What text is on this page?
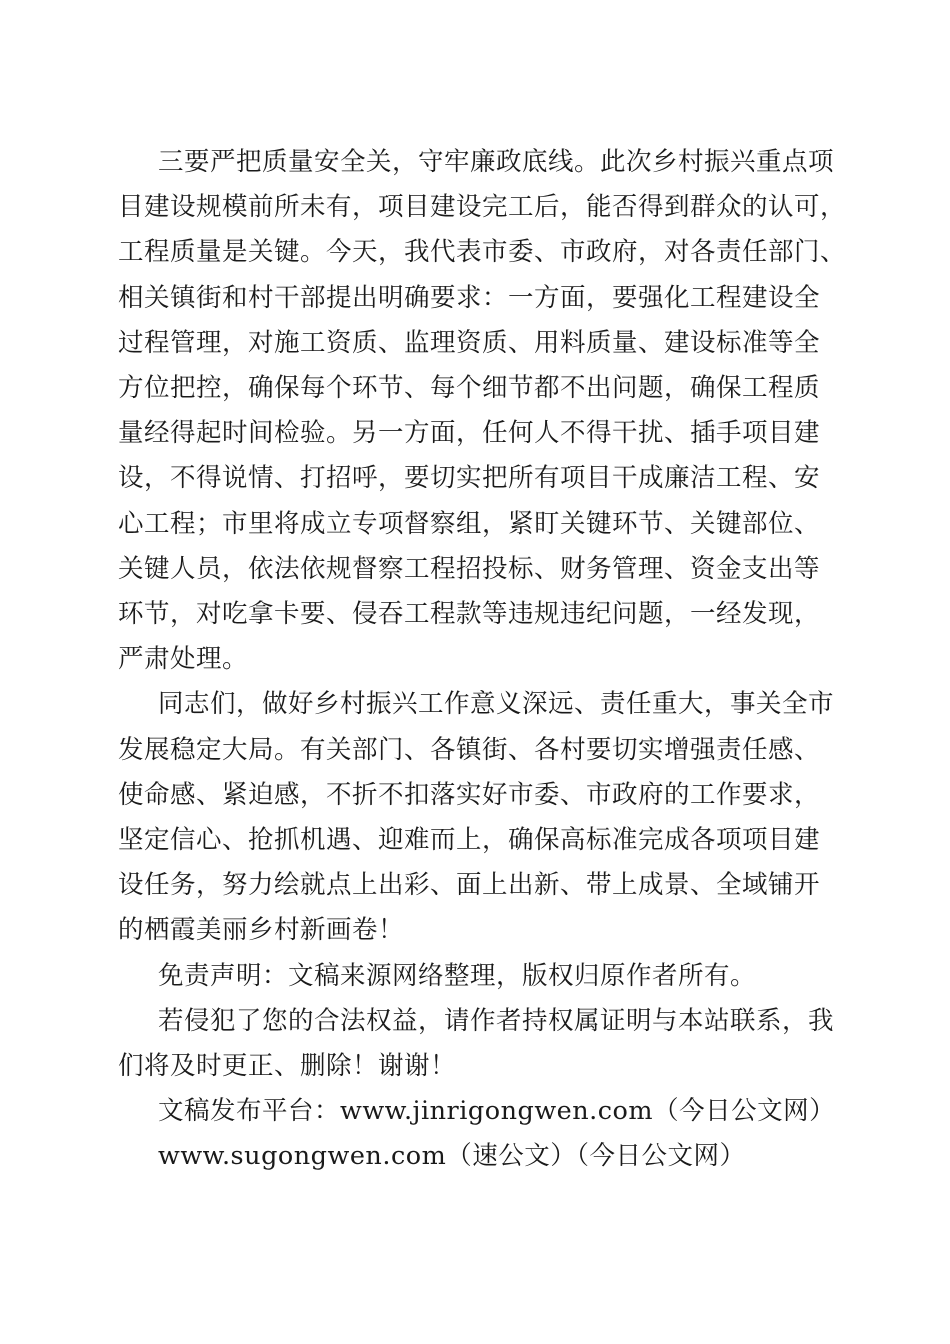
三要严把质量安全关，守牢廉政底线。此次乡村振兴重点项
目建设规模前所未有，项目建设完工后，能否得到群众的认可，
工程质量是关键。今天，我代表市委、市政府，对各责任部门、
相关镇街和村干部提出明确要求：一方面，要强化工程建设全
过程管理，对施工资质、监理资质、用料质量、建设标准等全
方位把控，确保每个环节、每个细节都不出问题，确保工程质
量经得起时间检验。另一方面，任何人不得干扰、插手项目建
设，不得说情、打招呼，要切实把所有项目干成廉洁工程、安
心工程；市里将成立专项督察组，紧盯关键环节、关键部位、
关键人员，依法依规督察工程招投标、财务管理、资金支出等
环节，对吃拿卡要、侵吞工程款等违规违纪问题，一经发现，
严肃处理。
同志们，做好乡村振兴工作意义深远、责任重大，事关全市
发展稳定大局。有关部门、各镇街、各村要切实增强责任感、
使命感、紧迫感，不折不扣落实好市委、市政府的工作要求，
坚定信心、抢抓机遇、迎难而上，确保高标准完成各项项目建
设任务，努力绘就点上出彩、面上出新、带上成景、全域铺开
的栖霞美丽乡村新画卷！
免责声明：文稿来源网络整理，版权归原作者所有。
若侵犯了您的合法权益，请作者持权属证明与本站联系，我
们将及时更正、删除！谢谢！
文稿发布平台：www.jinrigongwen.com（今日公文网）
www.sugongwen.com（速公文）（今日公文网）
